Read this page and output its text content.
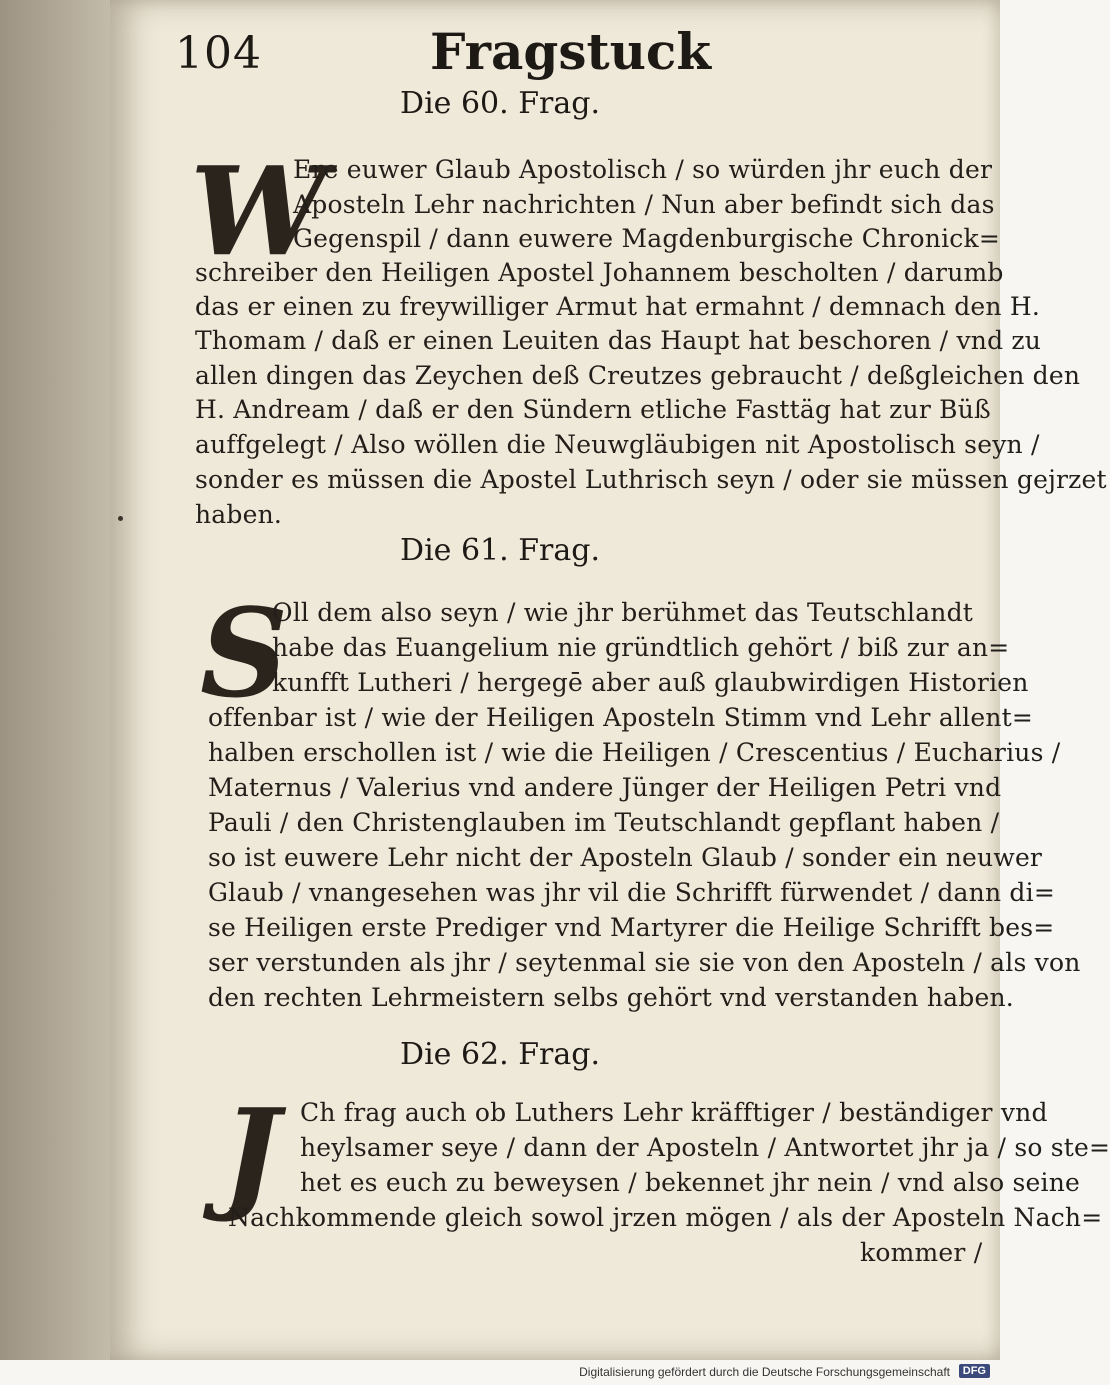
104	Fragstuck
Die 60. Frag.
W
Ere euwer Glaub Apostolisch / so würden jhr euch der
Aposteln Lehr nachrichten / Nun aber befindt sich das
Gegenspil / dann euwere Magdenburgische Chronick=
schreiber den Heiligen Apostel Johannem bescholten / darumb
das er einen zu freywilliger Armut hat ermahnt / demnach den H.
Thomam / daß er einen Leuiten das Haupt hat beschoren / vnd zu
allen dingen das Zeychen deß Creutzes gebraucht / deßgleichen den
H. Andream / daß er den Sündern etliche Fasttäg hat zur Büß
auffgelegt / Also wöllen die Neuwgläubigen nit Apostolisch seyn /
sonder es müssen die Apostel Luthrisch seyn / oder sie müssen gejrzet
haben.
Die 61. Frag.
S
Oll dem also seyn / wie jhr berühmet das Teutschlandt
habe das Euangelium nie gründtlich gehört / biß zur an=
kunfft Lutheri / hergegē aber auß glaubwirdigen Historien
offenbar ist / wie der Heiligen Aposteln Stimm vnd Lehr allent=
halben erschollen ist / wie die Heiligen / Crescentius / Eucharius /
Maternus / Valerius vnd andere Jünger der Heiligen Petri vnd
Pauli / den Christenglauben im Teutschlandt gepflant haben /
so ist euwere Lehr nicht der Aposteln Glaub / sonder ein neuwer
Glaub / vnangesehen was jhr vil die Schrifft fürwendet / dann di=
se Heiligen erste Prediger vnd Martyrer die Heilige Schrifft bes=
ser verstunden als jhr / seytenmal sie sie von den Aposteln / als von
den rechten Lehrmeistern selbs gehört vnd verstanden haben.
Die 62. Frag.
J Ch frag auch ob Luthers Lehr kräfftiger / beständiger vnd
heylsamer seye / dann der Aposteln / Antwortet jhr ja / so ste=
het es euch zu beweysen / bekennet jhr nein / vnd also seine
Nachkommende gleich sowol jrzen mögen / als der Aposteln Nach=
kommer /
Digitalisierung gefördert durch die Deutsche Forschungsgemeinschaft	DFG
